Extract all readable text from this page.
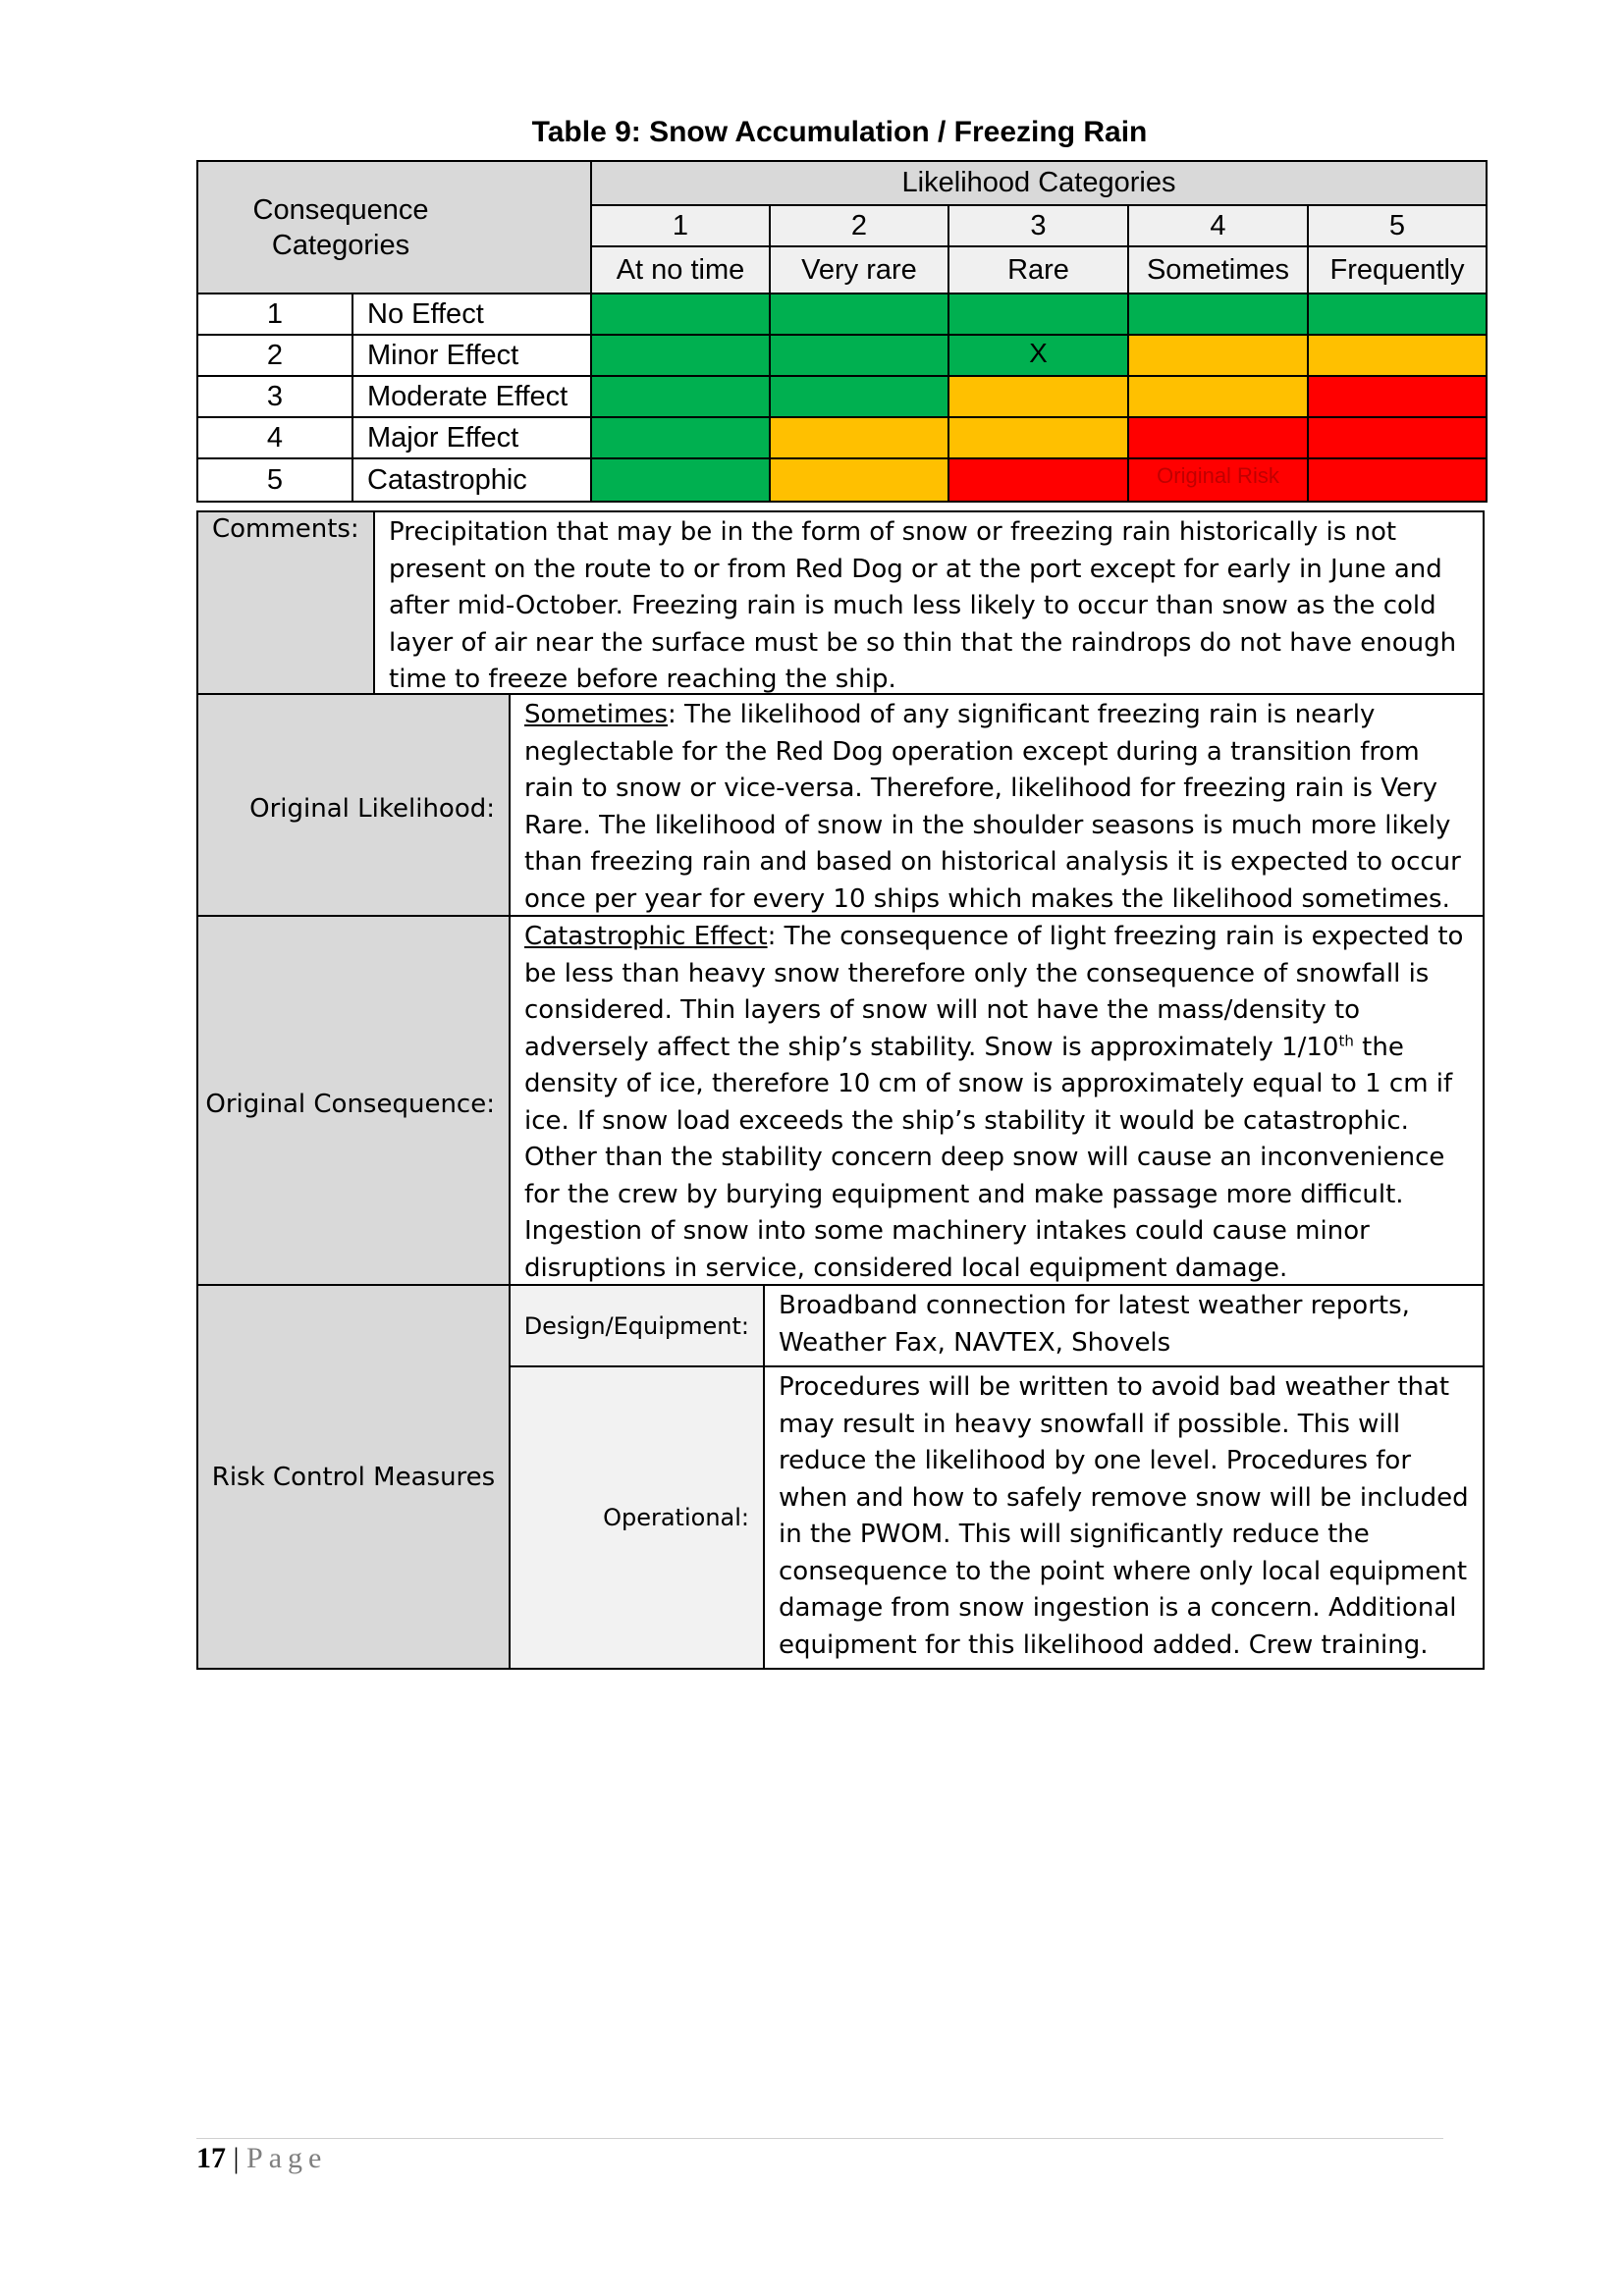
Table 9: Snow Accumulation / Freezing Rain
Consequence Categories		Likelihood Categories				
		1	2	3	4	5
		At no time	Very rare	Rare	Sometimes	Frequently
1	No Effect					
2	Minor Effect			X		

3	Moderate Effect					
4	Major Effect					
5	Catastrophic				Original Risk	

Comments:	Precipitation that may be in the form of snow or freezing rain historically is not present on the route to or from Red Dog or at the port except for early in June and after mid-October. Freezing rain is much less likely to occur than snow as the cold layer of air near the surface must be so thin that the raindrops do not have enough time to freeze before reaching the ship.
Original Likelihood:	Sometimes: The likelihood of any significant freezing rain is nearly neglectable for the Red Dog operation except during a transition from rain to snow or vice-versa. Therefore, likelihood for freezing rain is Very Rare. The likelihood of snow in the shoulder seasons is much more likely than freezing rain and based on historical analysis it is expected to occur once per year for every 10 ships which makes the likelihood sometimes.
Original Consequence:	Catastrophic Effect: The consequence of light freezing rain is expected to be less than heavy snow therefore only the consequence of snowfall is considered. Thin layers of snow will not have the mass/density to adversely affect the ship’s stability. Snow is approximately 1/10th the density of ice, therefore 10 cm of snow is approximately equal to 1 cm if ice. If snow load exceeds the ship’s stability it would be catastrophic. Other than the stability concern deep snow will cause an inconvenience for the crew by burying equipment and make passage more difficult. Ingestion of snow into some machinery intakes could cause minor disruptions in service, considered local equipment damage.
Risk Control Measures	Design/Equipment:	Broadband connection for latest weather reports, Weather Fax, NAVTEX, Shovels
	Operational:	Procedures will be written to avoid bad weather that may result in heavy snowfall if possible. This will reduce the likelihood by one level. Procedures for when and how to safely remove snow will be included in the PWOM. This will significantly reduce the consequence to the point where only local equipment damage from snow ingestion is a concern. Additional equipment for this likelihood added. Crew training.
17 | Page
